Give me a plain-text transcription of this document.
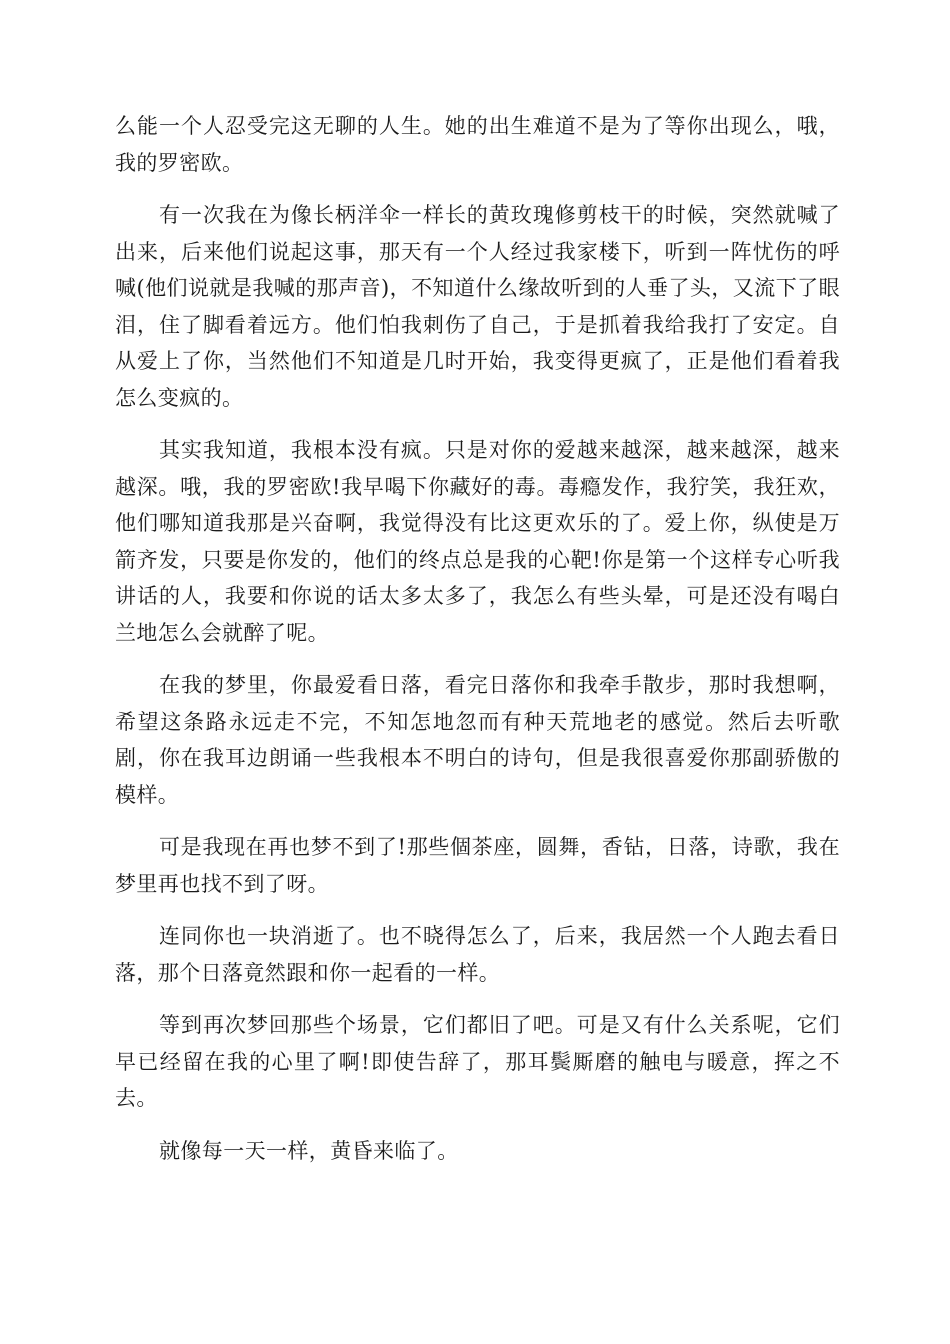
么能一个人忍受完这无聊的人生。她的出生难道不是为了等你出现么，哦，我的罗密欧。

有一次我在为像长柄洋伞一样长的黄玫瑰修剪枝干的时候，突然就喊了出来，后来他们说起这事，那天有一个人经过我家楼下，听到一阵忧伤的呼喊(他们说就是我喊的那声音)，不知道什么缘故听到的人垂了头，又流下了眼泪，住了脚看着远方。他们怕我刺伤了自己，于是抓着我给我打了安定。自从爱上了你，当然他们不知道是几时开始，我变得更疯了，正是他们看着我怎么变疯的。

其实我知道，我根本没有疯。只是对你的爱越来越深，越来越深，越来越深。哦，我的罗密欧!我早喝下你藏好的毒。毒瘾发作，我狞笑，我狂欢，他们哪知道我那是兴奋啊，我觉得没有比这更欢乐的了。爱上你，纵使是万箭齐发，只要是你发的，他们的终点总是我的心靶!你是第一个这样专心听我讲话的人，我要和你说的话太多太多了，我怎么有些头晕，可是还没有喝白兰地怎么会就醉了呢。

在我的梦里，你最爱看日落，看完日落你和我牵手散步，那时我想啊，希望这条路永远走不完，不知怎地忽而有种天荒地老的感觉。然后去听歌剧，你在我耳边朗诵一些我根本不明白的诗句，但是我很喜爱你那副骄傲的模样。

可是我现在再也梦不到了!那些個茶座，圆舞，香钻，日落，诗歌，我在梦里再也找不到了呀。

连同你也一块消逝了。也不晓得怎么了，后来，我居然一个人跑去看日落，那个日落竟然跟和你一起看的一样。

等到再次梦回那些个场景，它们都旧了吧。可是又有什么关系呢，它们早已经留在我的心里了啊!即使告辞了，那耳鬓厮磨的触电与暖意，挥之不去。

就像每一天一样，黄昏来临了。
